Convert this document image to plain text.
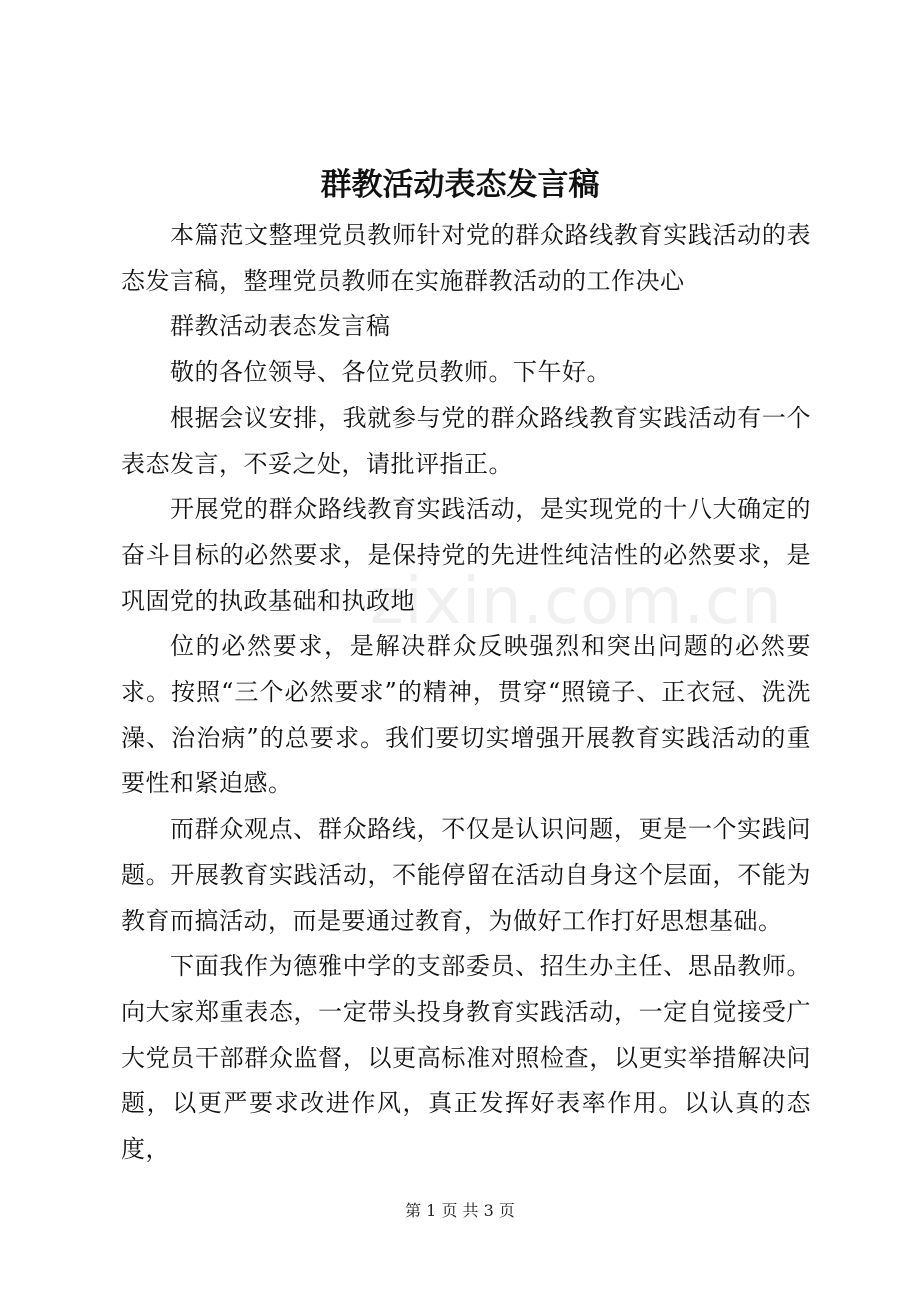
群教活动表态发言稿
zixin.com.cn

本篇范文整理党员教师针对党的群众路线教育实践活动的表态发言稿，整理党员教师在实施群教活动的工作决心

群教活动表态发言稿

敬的各位领导、各位党员教师。下午好。

根据会议安排，我就参与党的群众路线教育实践活动有一个表态发言，不妥之处，请批评指正。

开展党的群众路线教育实践活动，是实现党的十八大确定的奋斗目标的必然要求，是保持党的先进性纯洁性的必然要求，是巩固党的执政基础和执政地

位的必然要求，是解决群众反映强烈和突出问题的必然要求。按照“三个必然要求”的精神，贯穿“照镜子、正衣冠、洗洗澡、治治病”的总要求。我们要切实增强开展教育实践活动的重要性和紧迫感。

而群众观点、群众路线，不仅是认识问题，更是一个实践问题。开展教育实践活动，不能停留在活动自身这个层面，不能为教育而搞活动，而是要通过教育，为做好工作打好思想基础。

下面我作为德雅中学的支部委员、招生办主任、思品教师。向大家郑重表态，一定带头投身教育实践活动，一定自觉接受广大党员干部群众监督，以更高标准对照检查，以更实举措解决问题，以更严要求改进作风，真正发挥好表率作用。以认真的态度，

第 1 页 共 3 页
